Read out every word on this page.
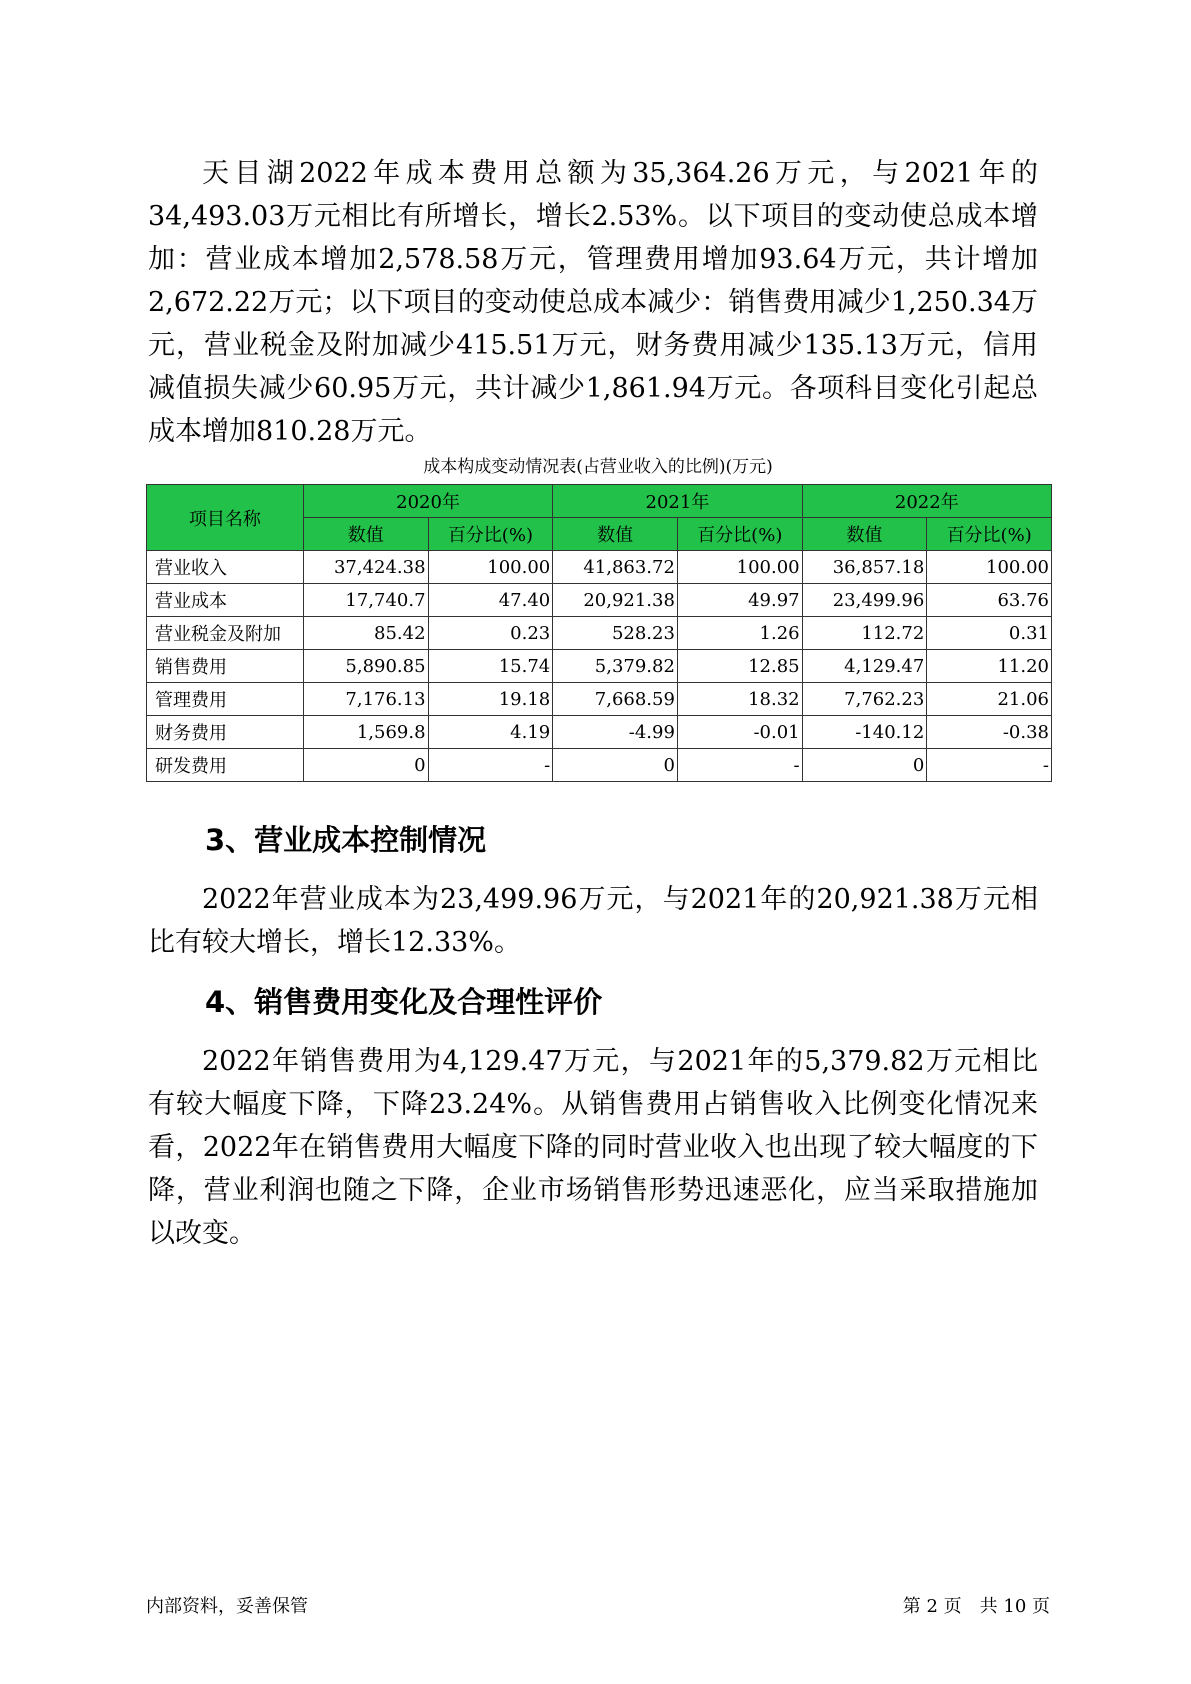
天目湖2022年成本费用总额为35,364.26万元，与2021年的34,493.03万元相比有所增长，增长2.53%。以下项目的变动使总成本增加：营业成本增加2,578.58万元，管理费用增加93.64万元，共计增加2,672.22万元；以下项目的变动使总成本减少：销售费用减少1,250.34万元，营业税金及附加减少415.51万元，财务费用减少135.13万元，信用减值损失减少60.95万元，共计减少1,861.94万元。各项科目变化引起总成本增加810.28万元。

成本构成变动情况表(占营业收入的比例)(万元)
项目名称	2020年		2021年		2022年	
	数值	百分比(%)	数值	百分比(%)	数值	百分比(%)
营业收入	37,424.38	100.00	41,863.72	100.00	36,857.18	100.00
营业成本	17,740.7	47.40	20,921.38	49.97	23,499.96	63.76
营业税金及附加	85.42	0.23	528.23	1.26	112.72	0.31
销售费用	5,890.85	15.74	5,379.82	12.85	4,129.47	11.20
管理费用	7,176.13	19.18	7,668.59	18.32	7,762.23	21.06
财务费用	1,569.8	4.19	-4.99	-0.01	-140.12	-0.38
研发费用	0	-	0	-	0	-
3、营业成本控制情况

2022年营业成本为23,499.96万元，与2021年的20,921.38万元相比有较大增长，增长12.33%。

4、销售费用变化及合理性评价

2022年销售费用为4,129.47万元，与2021年的5,379.82万元相比有较大幅度下降，下降23.24%。从销售费用占销售收入比例变化情况来看，2022年在销售费用大幅度下降的同时营业收入也出现了较大幅度的下降，营业利润也随之下降，企业市场销售形势迅速恶化，应当采取措施加以改变。

内部资料，妥善保管	第 2 页　共 10 页
